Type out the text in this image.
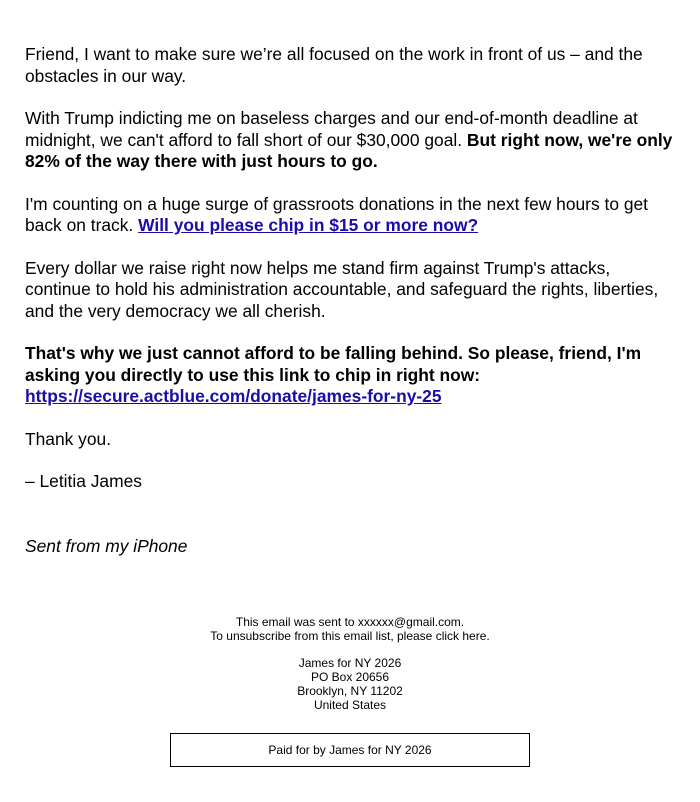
Friend, I want to make sure we’re all focused on the work in front of us – and the obstacles in our way.

With Trump indicting me on baseless charges and our end-of-month deadline at midnight, we can't afford to fall short of our $30,000 goal. But right now, we're only 82% of the way there with just hours to go.

I'm counting on a huge surge of grassroots donations in the next few hours to get back on track. Will you please chip in $15 or more now?

Every dollar we raise right now helps me stand firm against Trump's attacks, continue to hold his administration accountable, and safeguard the rights, liberties, and the very democracy we all cherish.

That's why we just cannot afford to be falling behind. So please, friend, I'm asking you directly to use this link to chip in right now: https://secure.actblue.com/donate/james-for-ny-25

Thank you.

– Letitia James

Sent from my iPhone

This email was sent to xxxxxx@gmail.com.
To unsubscribe from this email list, please click here.

James for NY 2026
PO Box 20656
Brooklyn, NY 11202
United States

Paid for by James for NY 2026
